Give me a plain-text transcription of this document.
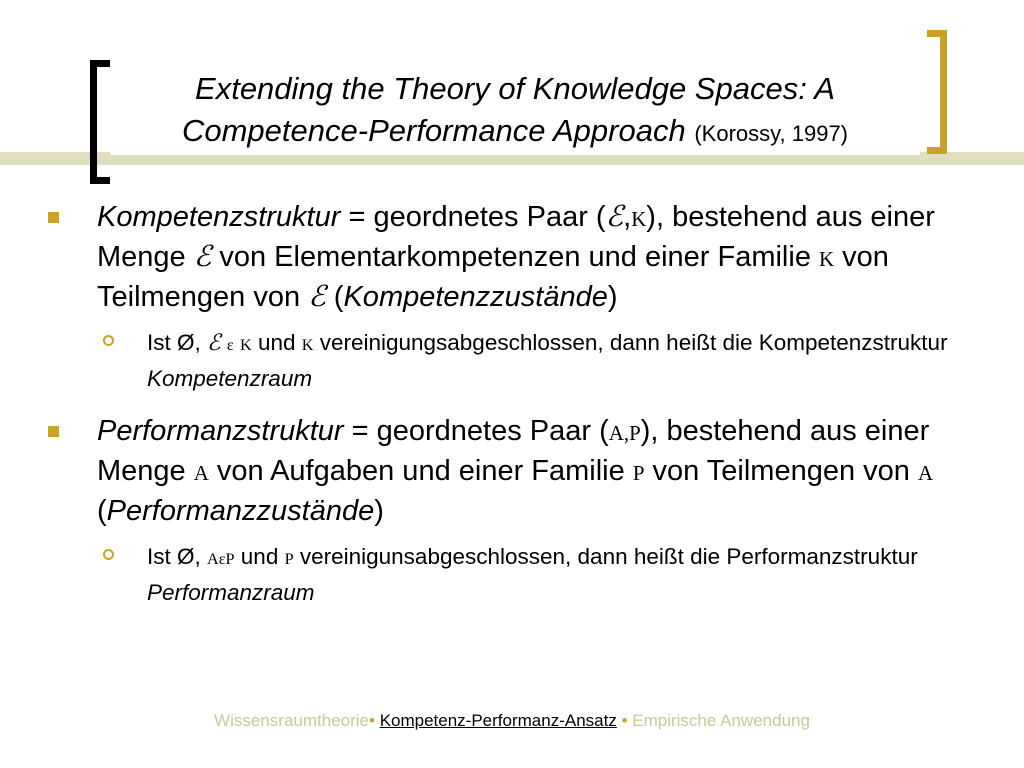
Extending the Theory of Knowledge Spaces: A
Competence-Performance Approach (Korossy, 1997)
Kompetenzstruktur = geordnetes Paar (ℰ,K), bestehend aus einer Menge ℰ von Elementarkompetenzen und einer Familie K von Teilmengen von ℰ (Kompetenzzustände)
Ist Ø, ℰ ε K und K vereinigungsabgeschlossen, dann heißt die Kompetenzstruktur Kompetenzraum
Performanzstruktur = geordnetes Paar (A,P), bestehend aus einer Menge A von Aufgaben und einer Familie P von Teilmengen von A (Performanzzustände)
Ist Ø, AεP und P vereinigunsabgeschlossen, dann heißt die Performanzstruktur Performanzraum
Wissensraumtheorie• Kompetenz-Performanz-Ansatz • Empirische Anwendung
